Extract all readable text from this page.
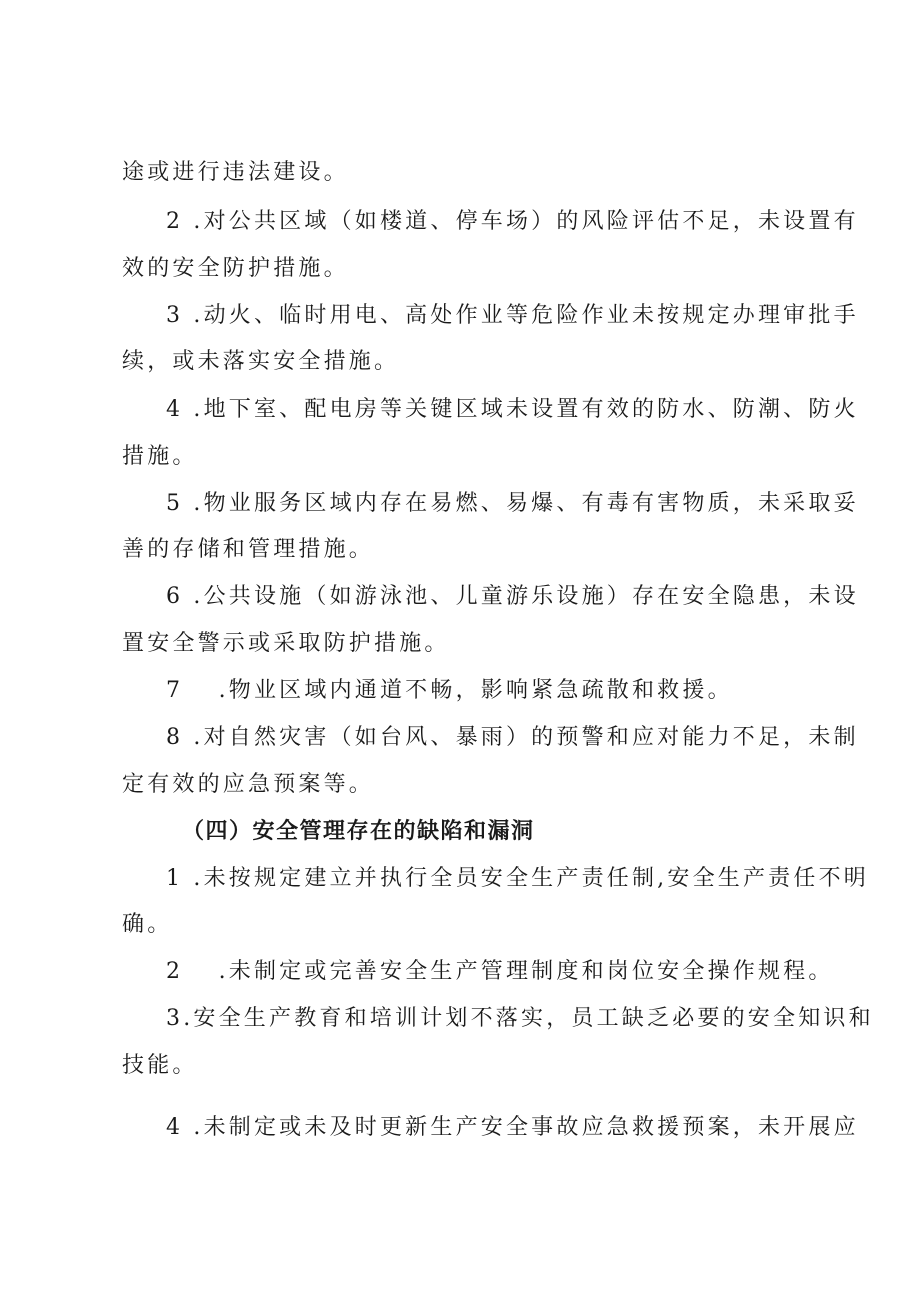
途或进行违法建设。
2 .对公共区域（如楼道、停车场）的风险评估不足，未设置有
效的安全防护措施。
3 .动火、临时用电、高处作业等危险作业未按规定办理审批手
续，或未落实安全措施。
4 .地下室、配电房等关键区域未设置有效的防水、防潮、防火
措施。
5 .物业服务区域内存在易燃、易爆、有毒有害物质，未采取妥
善的存储和管理措施。
6 .公共设施（如游泳池、儿童游乐设施）存在安全隐患，未设
置安全警示或采取防护措施。
7　 .物业区域内通道不畅，影响紧急疏散和救援。
8 .对自然灾害（如台风、暴雨）的预警和应对能力不足，未制
定有效的应急预案等。
（四）安全管理存在的缺陷和漏洞
1 .未按规定建立并执行全员安全生产责任制,安全生产责任不明
确。
2　 .未制定或完善安全生产管理制度和岗位安全操作规程。
3.安全生产教育和培训计划不落实，员工缺乏必要的安全知识和
技能。
4 .未制定或未及时更新生产安全事故应急救援预案，未开展应
